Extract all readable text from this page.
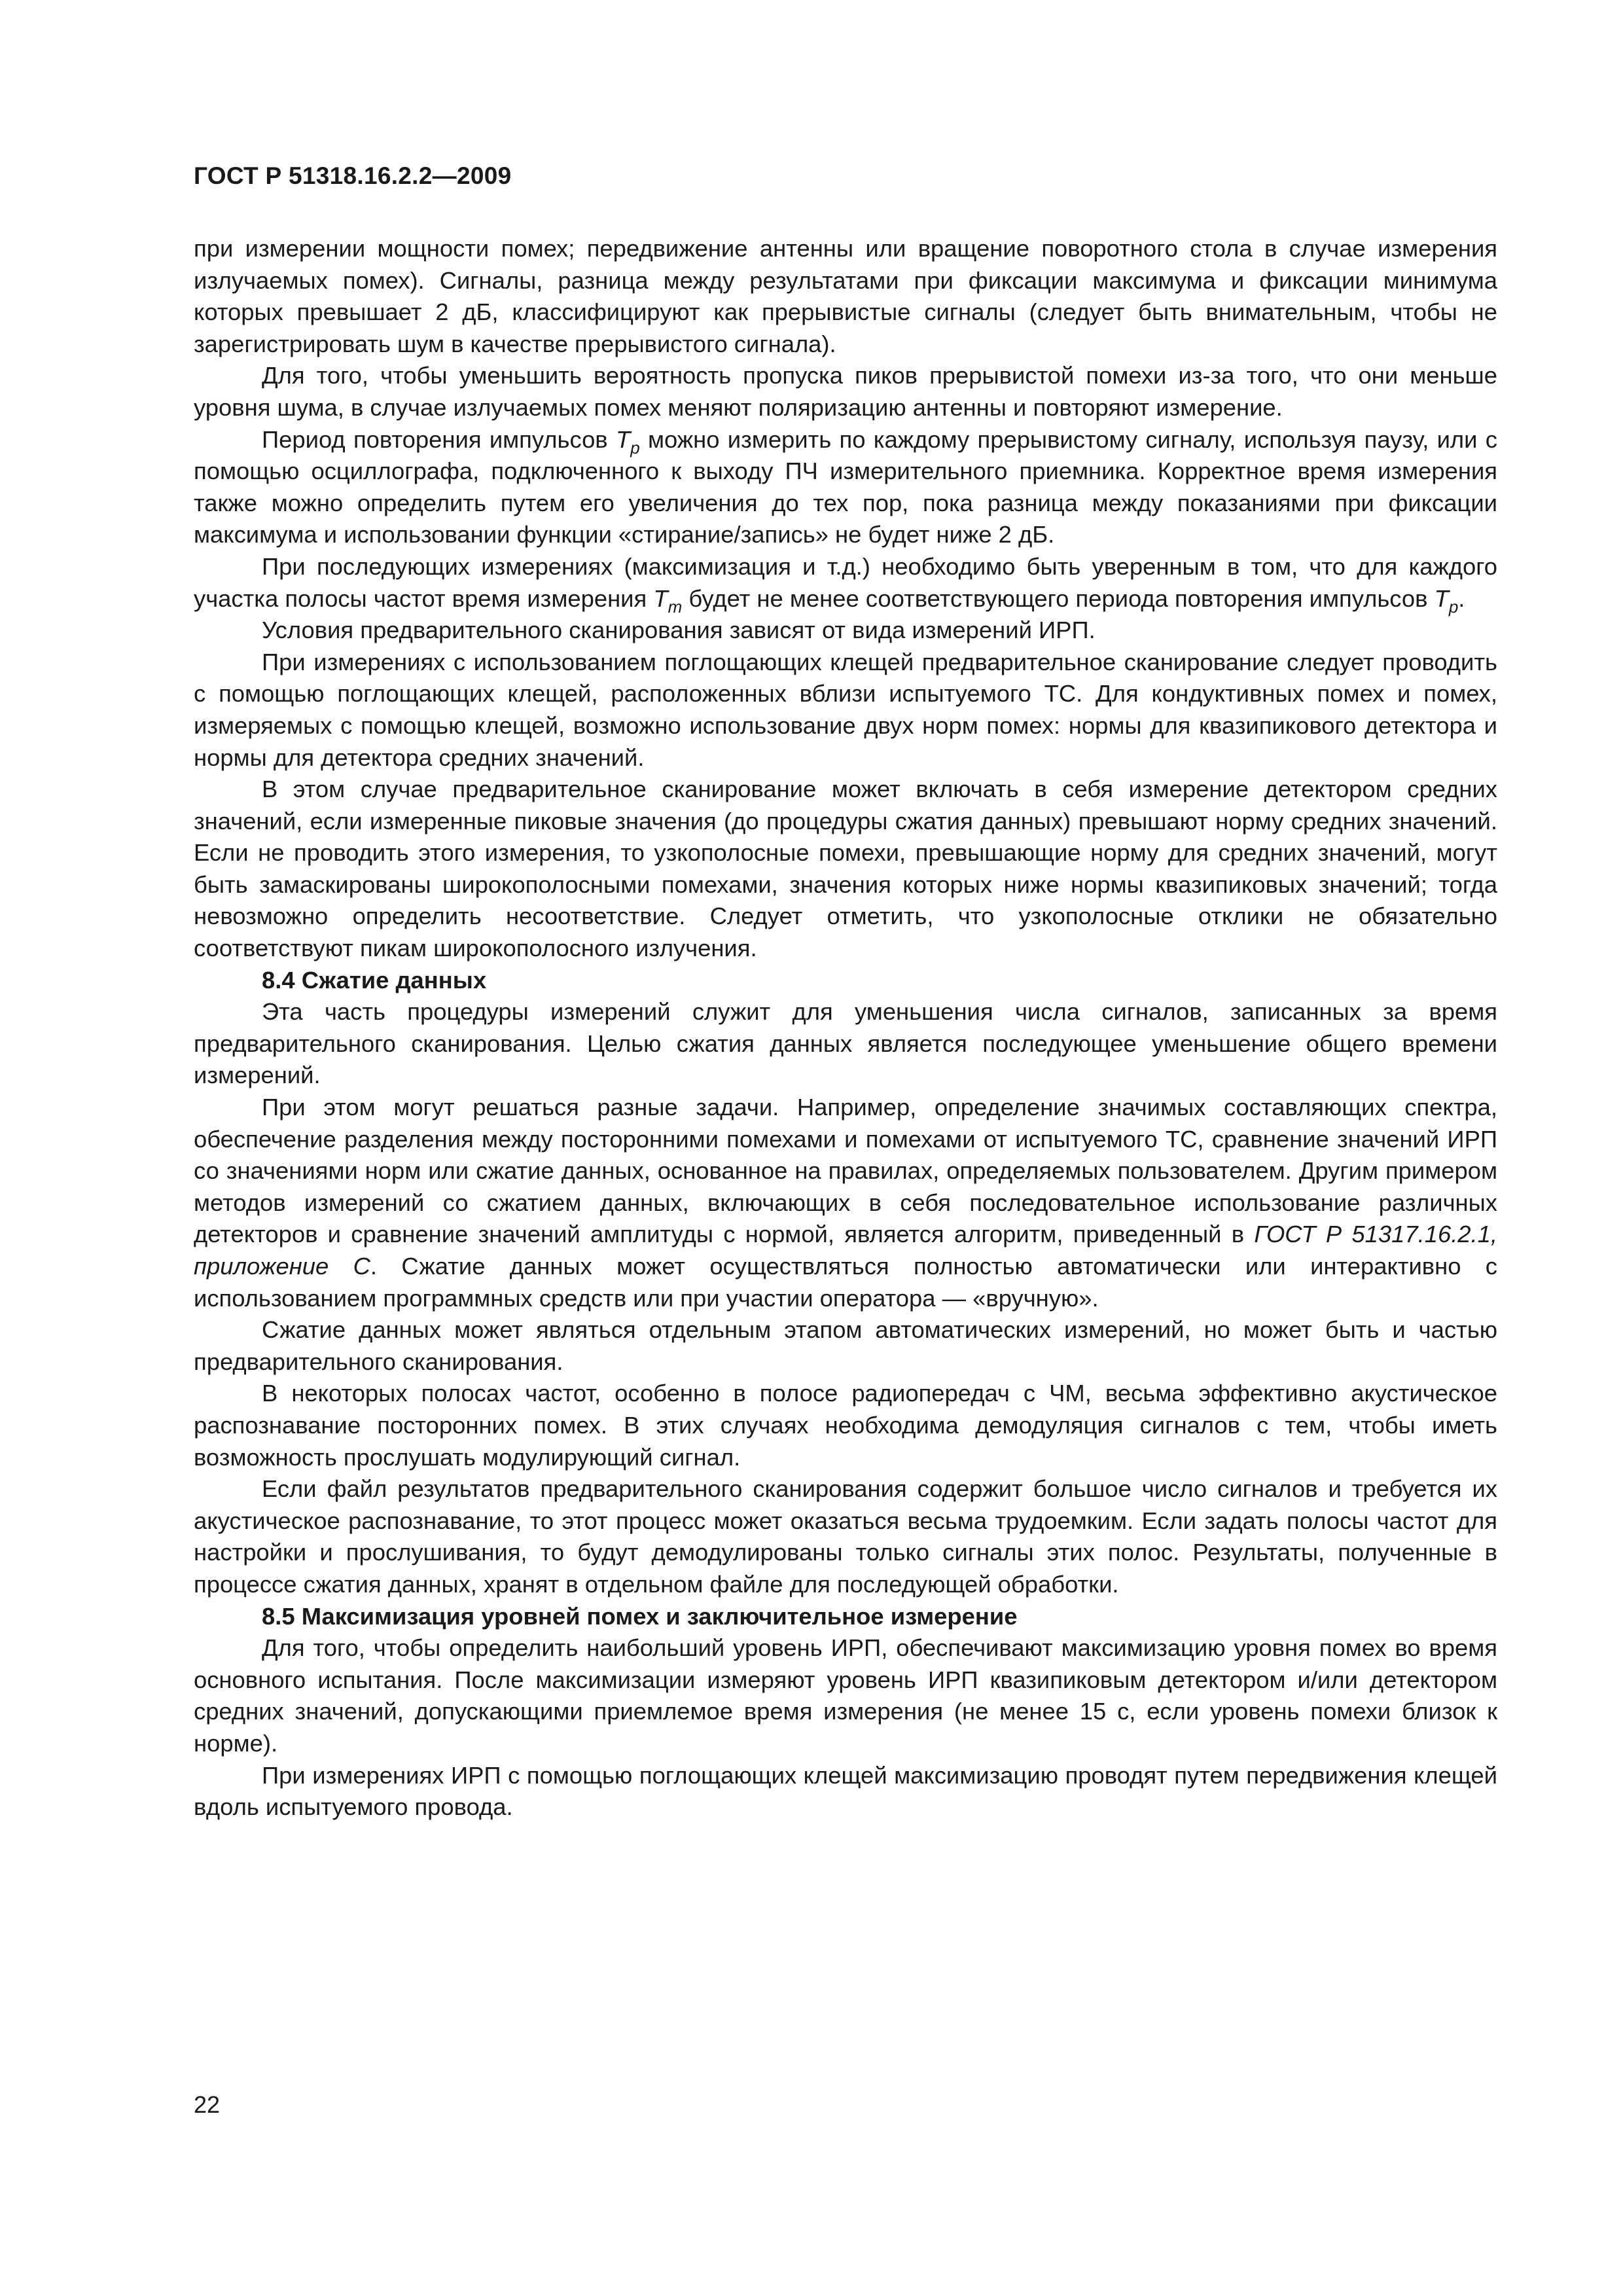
ГОСТ Р 51318.16.2.2—2009

при измерении мощности помех; передвижение антенны или вращение поворотного стола в случае измерения излучаемых помех). Сигналы, разница между результатами при фиксации максимума и фиксации минимума которых превышает 2 дБ, классифицируют как прерывистые сигналы (следует быть внимательным, чтобы не зарегистрировать шум в качестве прерывистого сигнала).

Для того, чтобы уменьшить вероятность пропуска пиков прерывистой помехи из-за того, что они меньше уровня шума, в случае излучаемых помех меняют поляризацию антенны и повторяют измерение.

Период повторения импульсов $T_p$ можно измерить по каждому прерывистому сигналу, используя паузу, или с помощью осциллографа, подключенного к выходу ПЧ измерительного приемника. Корректное время измерения также можно определить путем его увеличения до тех пор, пока разница между показаниями при фиксации максимума и использовании функции «стирание/запись» не будет ниже 2 дБ.

При последующих измерениях (максимизация и т.д.) необходимо быть уверенным в том, что для каждого участка полосы частот время измерения $T_m$ будет не менее соответствующего периода повторения импульсов $T_p$.

Условия предварительного сканирования зависят от вида измерений ИРП.

При измерениях с использованием поглощающих клещей предварительное сканирование следует проводить с помощью поглощающих клещей, расположенных вблизи испытуемого ТС. Для кондуктивных помех и помех, измеряемых с помощью клещей, возможно использование двух норм помех: нормы для квазипикового детектора и нормы для детектора средних значений.

В этом случае предварительное сканирование может включать в себя измерение детектором средних значений, если измеренные пиковые значения (до процедуры сжатия данных) превышают норму средних значений. Если не проводить этого измерения, то узкополосные помехи, превышающие норму для средних значений, могут быть замаскированы широкополосными помехами, значения которых ниже нормы квазипиковых значений; тогда невозможно определить несоответствие. Следует отметить, что узкополосные отклики не обязательно соответствуют пикам широкополосного излучения.

8.4 Сжатие данных

Эта часть процедуры измерений служит для уменьшения числа сигналов, записанных за время предварительного сканирования. Целью сжатия данных является последующее уменьшение общего времени измерений.

При этом могут решаться разные задачи. Например, определение значимых составляющих спектра, обеспечение разделения между посторонними помехами и помехами от испытуемого ТС, сравнение значений ИРП со значениями норм или сжатие данных, основанное на правилах, определяемых пользователем. Другим примером методов измерений со сжатием данных, включающих в себя последовательное использование различных детекторов и сравнение значений амплитуды с нормой, является алгоритм, приведенный в ГОСТ Р 51317.16.2.1, приложение С. Сжатие данных может осуществляться полностью автоматически или интерактивно с использованием программных средств или при участии оператора — «вручную».

Сжатие данных может являться отдельным этапом автоматических измерений, но может быть и частью предварительного сканирования.

В некоторых полосах частот, особенно в полосе радиопередач с ЧМ, весьма эффективно акустическое распознавание посторонних помех. В этих случаях необходима демодуляция сигналов с тем, чтобы иметь возможность прослушать модулирующий сигнал.

Если файл результатов предварительного сканирования содержит большое число сигналов и требуется их акустическое распознавание, то этот процесс может оказаться весьма трудоемким. Если задать полосы частот для настройки и прослушивания, то будут демодулированы только сигналы этих полос. Результаты, полученные в процессе сжатия данных, хранят в отдельном файле для последующей обработки.

8.5 Максимизация уровней помех и заключительное измерение

Для того, чтобы определить наибольший уровень ИРП, обеспечивают максимизацию уровня помех во время основного испытания. После максимизации измеряют уровень ИРП квазипиковым детектором и/или детектором средних значений, допускающими приемлемое время измерения (не менее 15 с, если уровень помехи близок к норме).

При измерениях ИРП с помощью поглощающих клещей максимизацию проводят путем передвижения клещей вдоль испытуемого провода.

22
